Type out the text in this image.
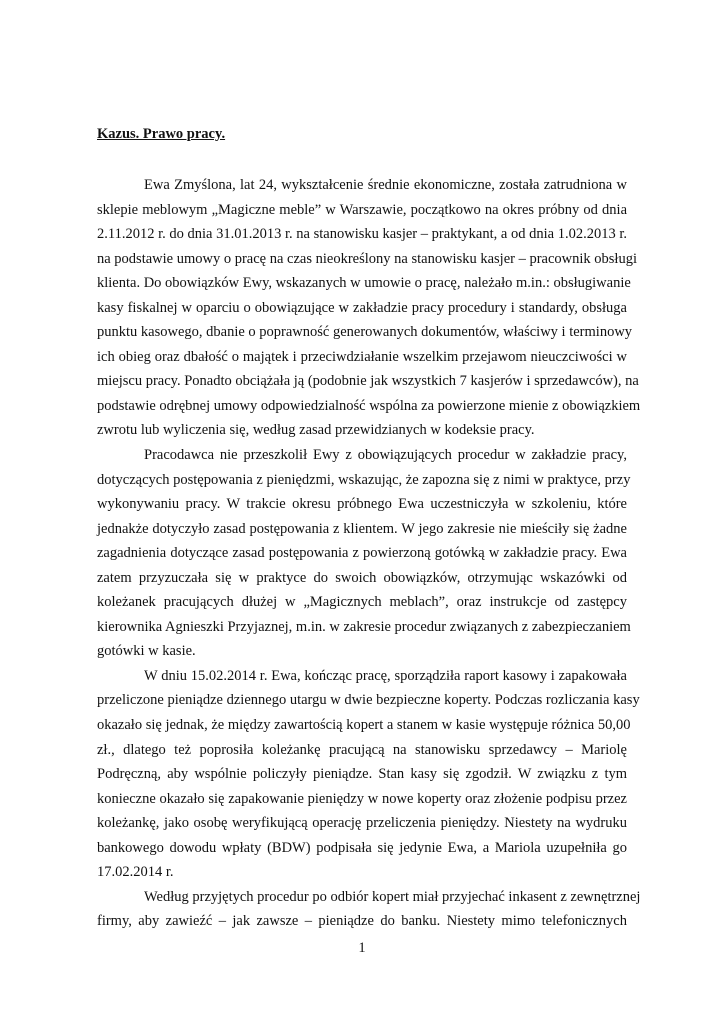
Kazus. Prawo pracy.
Ewa Zmyślona, lat 24, wykształcenie średnie ekonomiczne, została zatrudniona w
sklepie meblowym „Magiczne meble” w Warszawie, początkowo na okres próbny od dnia
2.11.2012 r. do dnia 31.01.2013 r. na stanowisku kasjer – praktykant, a od dnia 1.02.2013 r.
na podstawie umowy o pracę na czas nieokreślony na stanowisku kasjer – pracownik obsługi
klienta. Do obowiązków Ewy, wskazanych w umowie o pracę, należało m.in.: obsługiwanie
kasy fiskalnej w oparciu o obowiązujące w zakładzie pracy procedury i standardy, obsługa
punktu kasowego, dbanie o poprawność generowanych dokumentów, właściwy i terminowy
ich obieg oraz dbałość o majątek i przeciwdziałanie wszelkim przejawom nieuczciwości w
miejscu pracy. Ponadto obciążała ją (podobnie jak wszystkich 7 kasjerów i sprzedawców), na
podstawie odrębnej umowy odpowiedzialność wspólna za powierzone mienie z obowiązkiem
zwrotu lub wyliczenia się, według zasad przewidzianych w kodeksie pracy.
Pracodawca nie przeszkolił Ewy z obowiązujących procedur w zakładzie pracy,
dotyczących postępowania z pieniędzmi, wskazując, że zapozna się z nimi w praktyce, przy
wykonywaniu pracy. W trakcie okresu próbnego Ewa uczestniczyła w szkoleniu, które
jednakże dotyczyło zasad postępowania z klientem. W jego zakresie nie mieściły się żadne
zagadnienia dotyczące zasad postępowania z powierzoną gotówką w zakładzie pracy. Ewa
zatem przyzuczała się w praktyce do swoich obowiązków, otrzymując wskazówki od
koleżanek pracujących dłużej w „Magicznych meblach”, oraz instrukcje od zastępcy
kierownika Agnieszki Przyjaznej, m.in. w zakresie procedur związanych z zabezpieczaniem
gotówki w kasie.
W dniu 15.02.2014 r. Ewa, kończąc pracę, sporządziła raport kasowy i zapakowała
przeliczone pieniądze dziennego utargu w dwie bezpieczne koperty. Podczas rozliczania kasy
okazało się jednak, że między zawartością kopert a stanem w kasie występuje różnica 50,00
zł., dlatego też poprosiła koleżankę pracującą na stanowisku sprzedawcy – Mariolę
Podręczną, aby wspólnie policzyły pieniądze. Stan kasy się zgodził. W związku z tym
konieczne okazało się zapakowanie pieniędzy w nowe koperty oraz złożenie podpisu przez
koleżankę, jako osobę weryfikującą operację przeliczenia pieniędzy. Niestety na wydruku
bankowego dowodu wpłaty (BDW) podpisała się jedynie Ewa, a Mariola uzupełniła go
17.02.2014 r.
Według przyjętych procedur po odbiór kopert miał przyjechać inkasent z zewnętrznej
firmy, aby zawieźć – jak zawsze – pieniądze do banku. Niestety mimo telefonicznych
1
